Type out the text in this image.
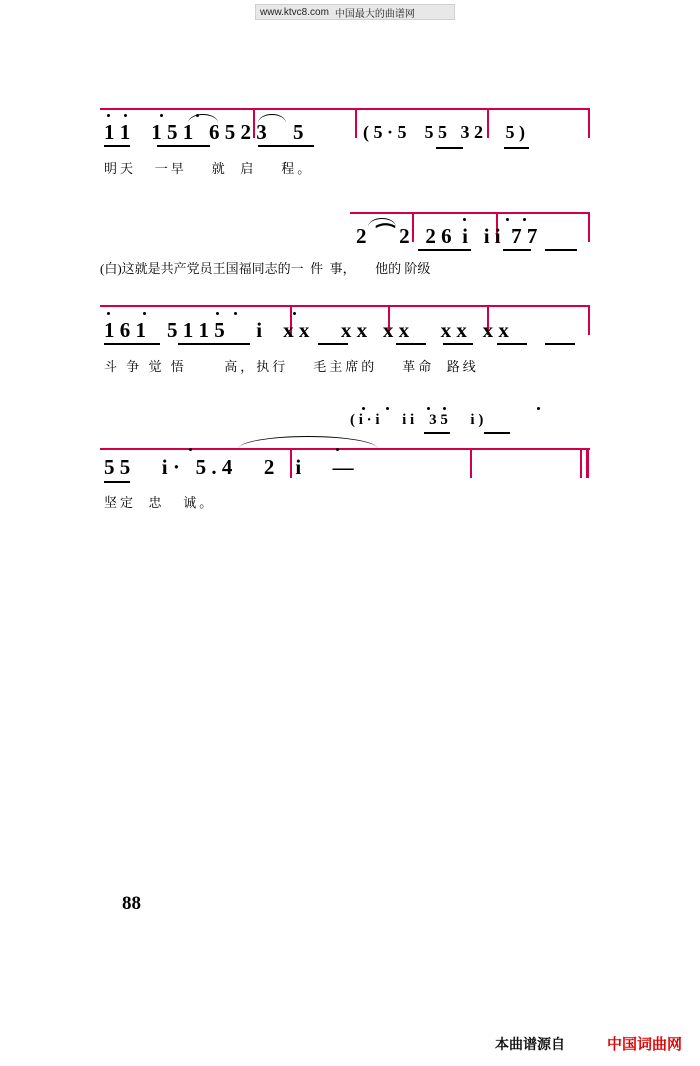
www.ktvc8.com 中国最大的曲谱网
1 1    1 5 1   6 5 2 3     5	( 5 · 5    5 5   3 2     5 )
明天   一早    就  启    程。
2  ⁀ 2   2 6  i   i i  7 7
(白)这就是共产党员王国福同志的一  件  事，      他的 阶级
1 6 1    5 1 1 5      i    x x      x x   x x      x x   x x
斗 争 觉 悟      高，执行    毛主席的    革命  路线
( i · i      i i    3 5      i )
5 5      i ·   5 . 4      2    i      —
坚定  忠   诚。
88
本曲谱源自	中国词曲网
